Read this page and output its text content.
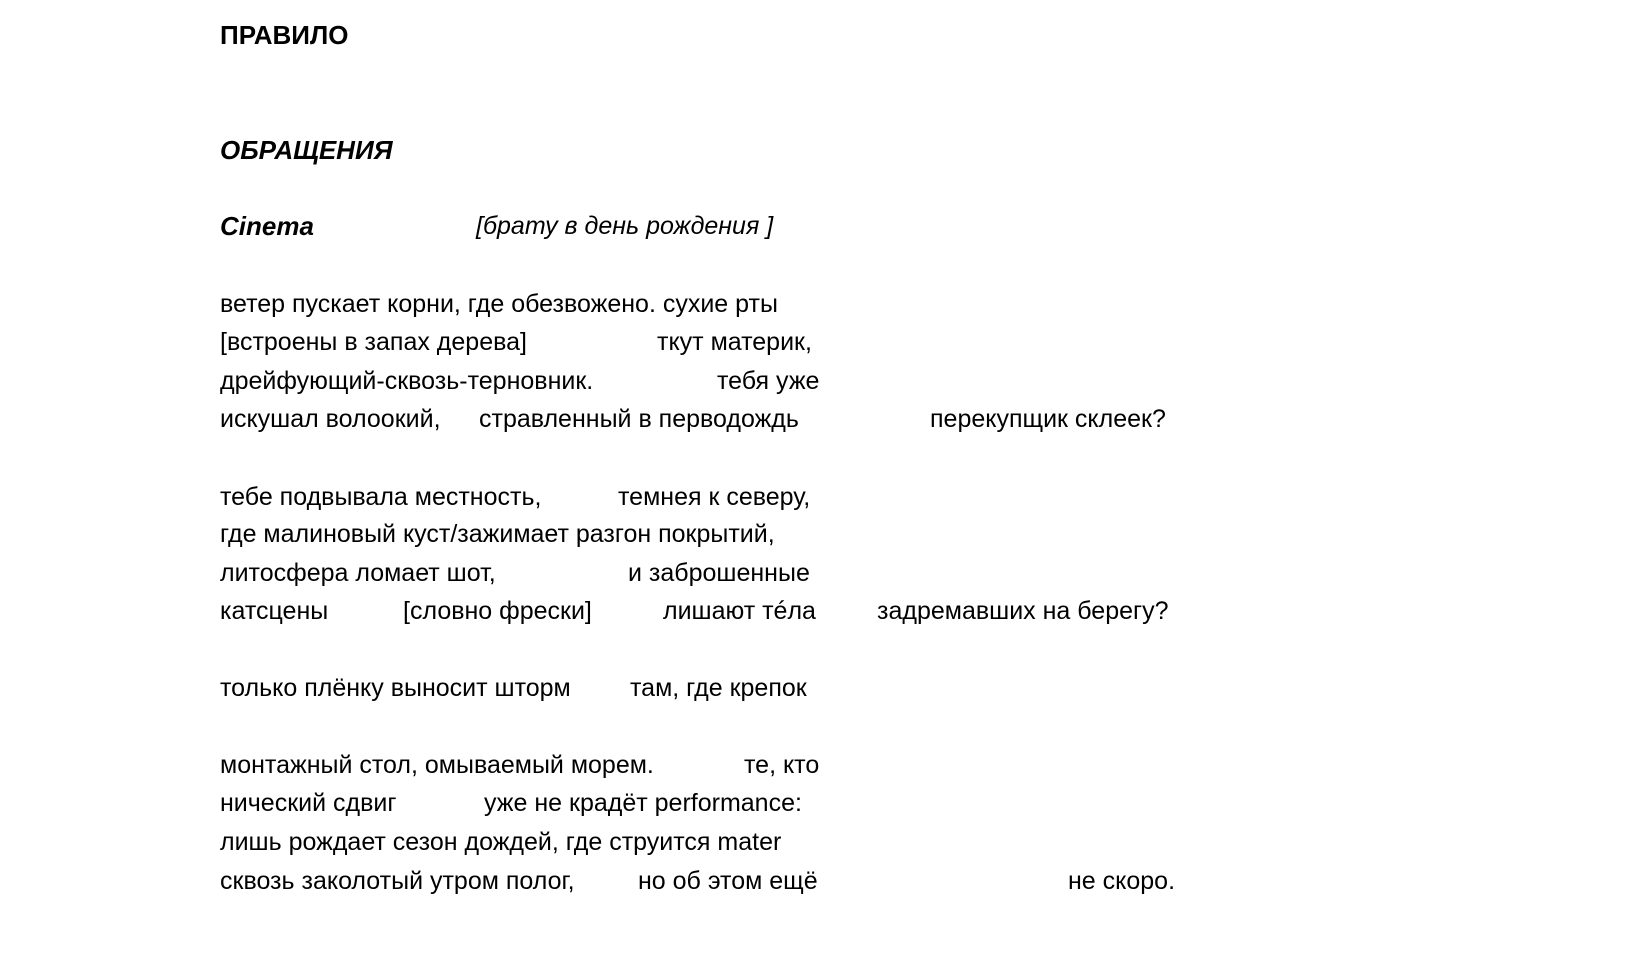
ПРАВИЛО
ОБРАЩЕНИЯ
Cinema	[брату в день рождения ]
ветер пускает корни, где обезвожено. сухие рты
[встроены в запах дерева]	ткут материк,
дрейфующий-сквозь-терновник.	тебя уже
искушал волоокий, стравленный в перводождь	перекупщик склеек?
тебе подвывала местность,	темнея к северу,
где малиновый куст/зажимает разгон покрытий,
литосфера ломает шот,	и заброшенные
катсцены	[словно фрески]	лишают тéла задремавших на берегу?
только плёнку выносит шторм там, где крепок
монтажный стол, омываемый морем.	те, кто
нический сдвиг	уже не крадёт performance:
лишь рождает сезон дождей, где струится mater
сквозь заколотый утром полог,	но об этом ещё	не скоро.
